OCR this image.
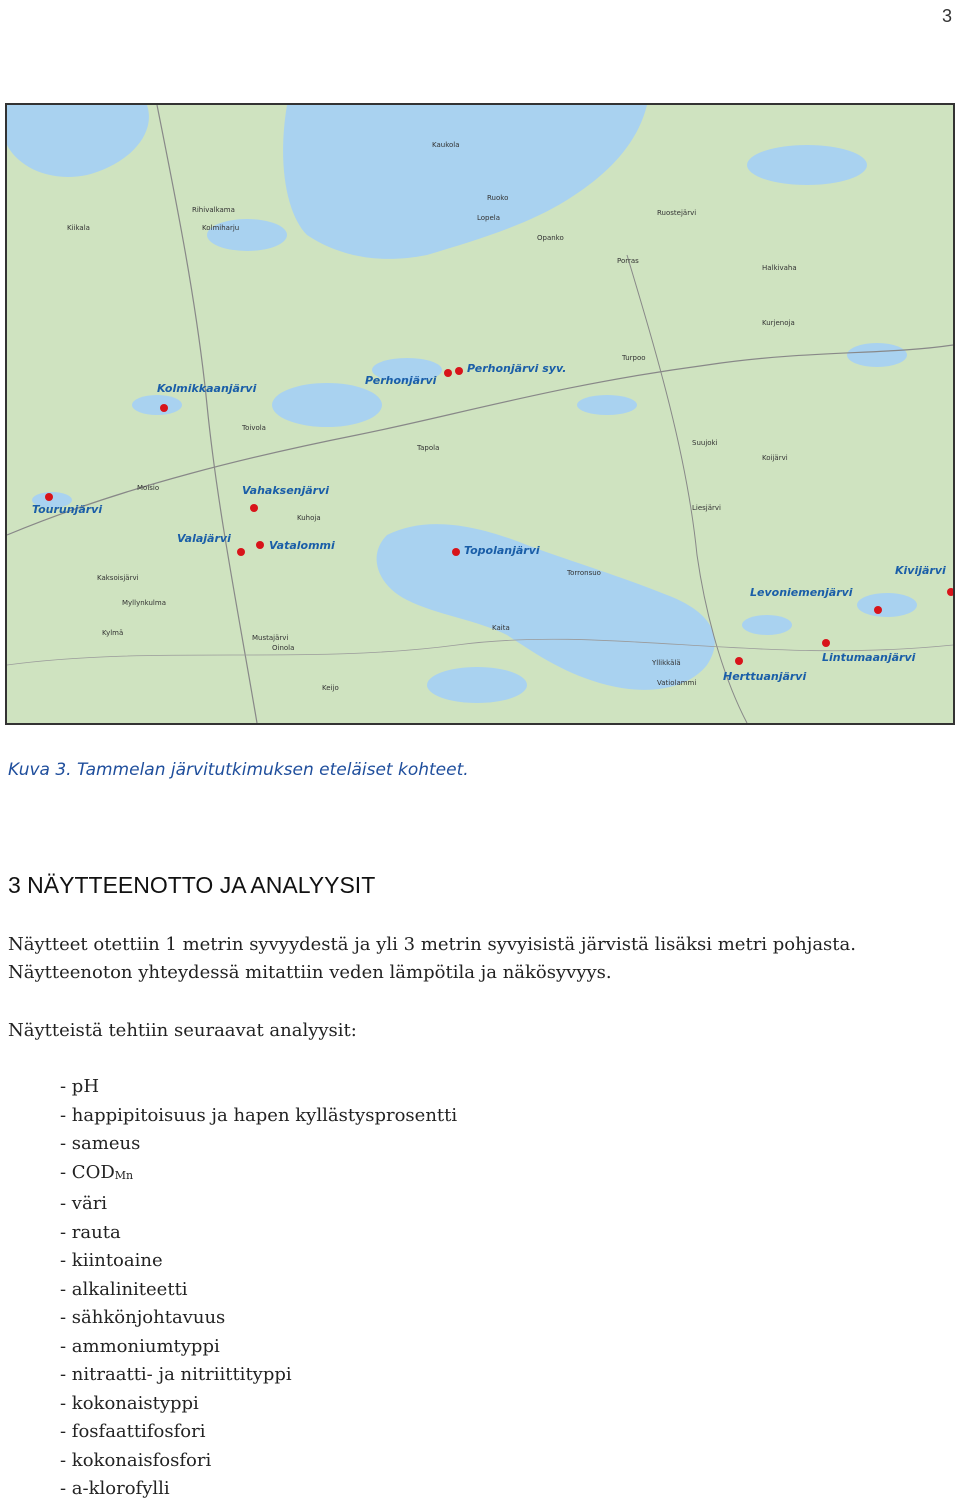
3
Kaukola
Ruoko
Rihivalkama
Kolmiharju
Kiikala
Lopela
Opanko
Porras
Turpoo
Tapola
Liesjärvi
Myllynkulma
Kylmä
Keijo
Vatiolammi
Kurjenoja
Suujoki
Halkivaha
Torronsuo
Mustajärvi
Kaksoisjärvi
Oinola
Kuhoja
Moisio
Toivola
Yllikkälä
Ruostejärvi
Kaita
Koijärvi
Kolmikkaanjärvi
Perhonjärvi
Perhonjärvi syv.
Tourunjärvi
Vahaksenjärvi
Valajärvi
Vatalommi	Topolanjärvi
Kivijärvi
Levoniemenjärvi
Lintumaanjärvi
Herttuanjärvi
Kuva 3. Tammelan järvitutkimuksen eteläiset kohteet.
3 NÄYTTEENOTTO JA ANALYYSIT

Näytteet otettiin 1 metrin syvyydestä ja yli 3 metrin syvyisistä järvistä lisäksi metri pohjasta.
Näytteenoton yhteydessä mitattiin veden lämpötila ja näkösyvyys.

Näytteistä tehtiin seuraavat analyysit:

- pH
- happipitoisuus ja hapen kyllästysprosentti
- sameus
- $COD_{Mn}$
- väri
- rauta
- kiintoaine
- alkaliniteetti
- sähkönjohtavuus
- ammoniumtyppi
- nitraatti- ja nitriittityppi
- kokonaistyppi
- fosfaattifosfori
- kokonaisfosfori
- a-klorofylli
